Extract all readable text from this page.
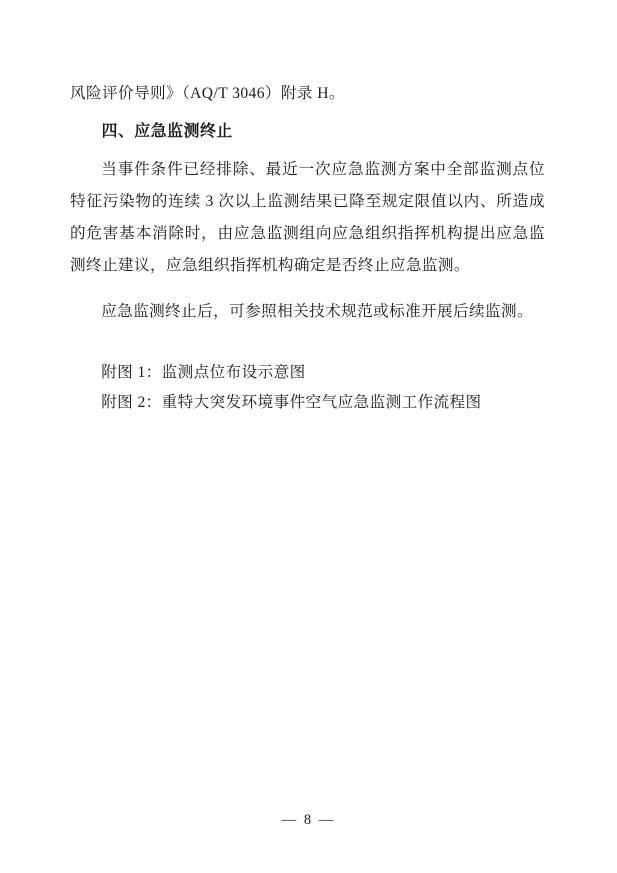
风险评价导则》（AQ/T 3046）附录 H。

四、应急监测终止

当事件条件已经排除、最近一次应急监测方案中全部监测点位特征污染物的连续 3 次以上监测结果已降至规定限值以内、所造成的危害基本消除时，由应急监测组向应急组织指挥机构提出应急监测终止建议，应急组织指挥机构确定是否终止应急监测。

应急监测终止后，可参照相关技术规范或标准开展后续监测。

附图 1：监测点位布设示意图

附图 2：重特大突发环境事件空气应急监测工作流程图

— 8 —
